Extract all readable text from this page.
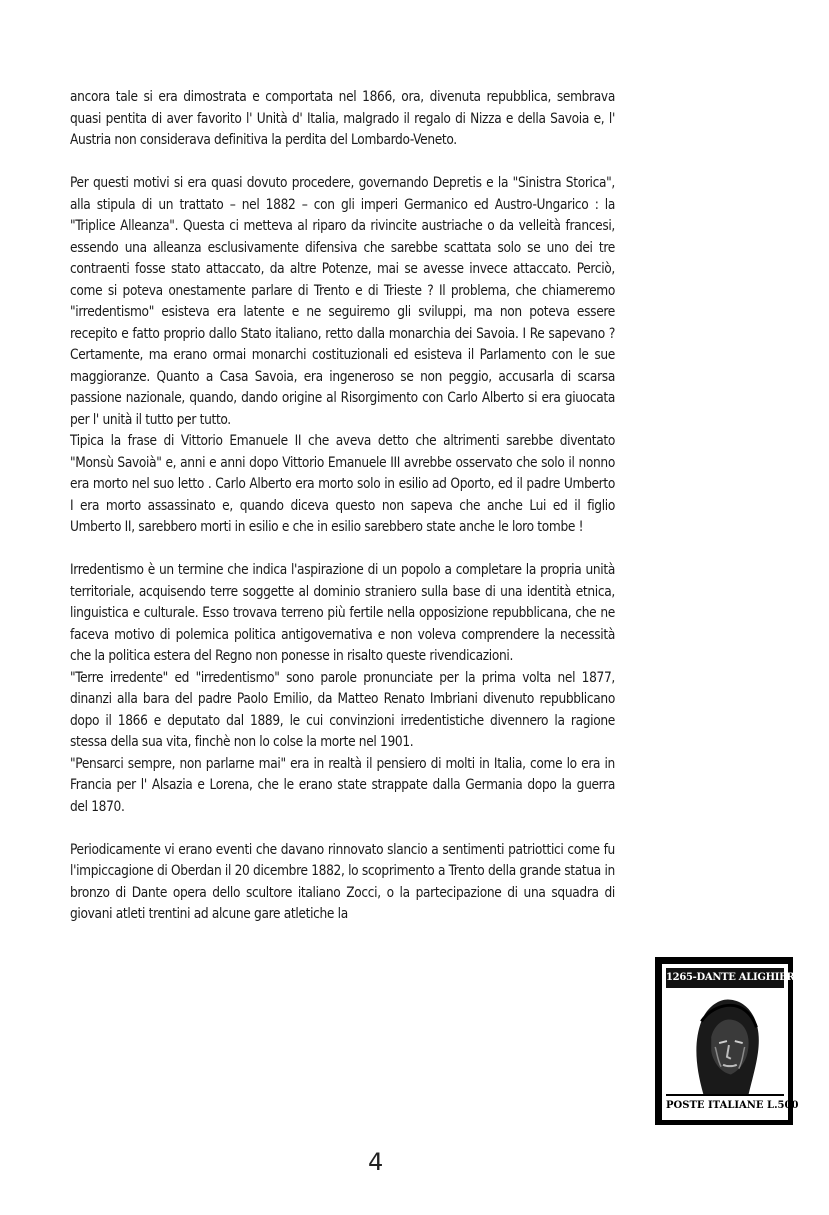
ancora tale si era dimostrata e comportata nel 1866, ora, divenuta repubblica, sembrava quasi pentita di aver favorito l' Unità d' Italia, malgrado il regalo di Nizza e della Savoia e, l' Austria non considerava definitiva la perdita del Lombardo-Veneto.

Per questi motivi si era quasi dovuto procedere, governando Depretis e la "Sinistra Storica", alla stipula di un trattato – nel 1882 – con gli imperi Germanico ed Austro-Ungarico : la "Triplice Alleanza". Questa ci metteva al riparo da rivincite austriache o da velleità francesi, essendo una alleanza esclusivamente difensiva che sarebbe scattata solo se uno dei tre contraenti fosse stato attaccato, da altre Potenze, mai se avesse invece attaccato. Perciò, come si poteva onestamente parlare di Trento e di Trieste ? Il problema, che chiameremo "irredentismo" esisteva era latente e ne seguiremo gli sviluppi, ma non poteva essere recepito e fatto proprio dallo Stato italiano, retto dalla monarchia dei Savoia. I Re sapevano ? Certamente, ma erano ormai monarchi costituzionali ed esisteva il Parlamento con le sue maggioranze. Quanto a Casa Savoia, era ingeneroso se non peggio, accusarla di scarsa passione nazionale, quando, dando origine al Risorgimento con Carlo Alberto si era giuocata per l' unità il tutto per tutto.

Tipica la frase di Vittorio Emanuele II che aveva detto che altrimenti sarebbe diventato "Monsù Savoià" e, anni e anni dopo Vittorio Emanuele III avrebbe osservato che solo il nonno era morto nel suo letto . Carlo Alberto era morto solo in esilio ad Oporto, ed il padre Umberto I era morto assassinato e, quando diceva questo non sapeva che anche Lui ed il figlio Umberto II, sarebbero morti in esilio e che in esilio sarebbero state anche le loro tombe !

Irredentismo è un termine che indica l'aspirazione di un popolo a completare la propria unità territoriale, acquisendo terre soggette al dominio straniero sulla base di una identità etnica, linguistica e culturale. Esso trovava terreno più fertile nella opposizione repubblicana, che ne faceva motivo di polemica politica antigovernativa e non voleva comprendere la necessità che la politica estera del Regno non ponesse in risalto queste rivendicazioni.

"Terre irredente" ed "irredentismo" sono parole pronunciate per la prima volta nel 1877, dinanzi alla bara del padre Paolo Emilio, da Matteo Renato Imbriani divenuto repubblicano dopo il 1866 e deputato dal 1889, le cui convinzioni irredentistiche divennero la ragione stessa della sua vita, finchè non lo colse la morte nel 1901.

"Pensarci sempre, non parlarne mai" era in realtà il pensiero di molti in Italia, come lo era in Francia per l' Alsazia e Lorena, che le erano state strappate dalla Germania dopo la guerra del 1870.

Periodicamente vi erano eventi che davano rinnovato slancio a sentimenti patriottici come fu l'impiccagione di Oberdan il 20 dicembre 1882, lo scoprimento a Trento della grande statua in bronzo di Dante opera dello scultore italiano Zocci, o la partecipazione di una squadra di giovani atleti trentini ad alcune gare atletiche la

1265-DANTE ALIGHIERI-1321
POSTE ITALIANE L.500
4
